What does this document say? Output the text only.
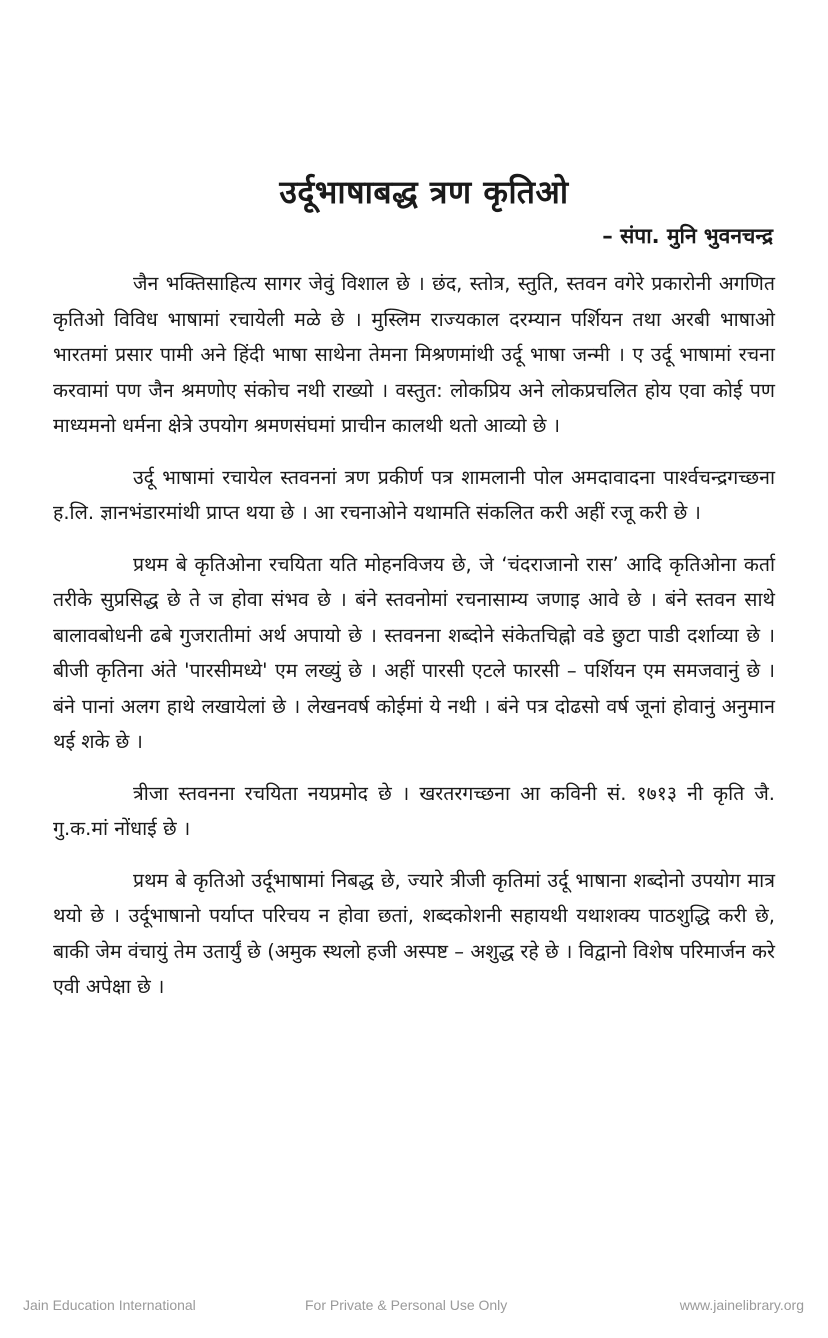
उर्दूभाषाबद्ध त्रण कृतिओ
– संपा. मुनि भुवनचन्द्र

जैन भक्तिसाहित्य सागर जेवुं विशाल छे । छंद, स्तोत्र, स्तुति, स्तवन वगेरे प्रकारोनी अगणित कृतिओ विविध भाषामां रचायेली मळे छे । मुस्लिम राज्यकाल दरम्यान पर्शियन तथा अरबी भाषाओ भारतमां प्रसार पामी अने हिंदी भाषा साथेना तेमना मिश्रणमांथी उर्दू भाषा जन्मी । ए उर्दू भाषामां रचना करवामां पण जैन श्रमणोए संकोच नथी राख्यो । वस्तुत: लोकप्रिय अने लोकप्रचलित होय एवा कोई पण माध्यमनो धर्मना क्षेत्रे उपयोग श्रमणसंघमां प्राचीन कालथी थतो आव्यो छे ।

उर्दू भाषामां रचायेल स्तवननां त्रण प्रकीर्ण पत्र शामलानी पोल अमदावादना पार्श्वचन्द्रगच्छना ह.लि. ज्ञानभंडारमांथी प्राप्त थया छे । आ रचनाओने यथामति संकलित करी अहीं रजू करी छे ।

प्रथम बे कृतिओना रचयिता यति मोहनविजय छे, जे ‘चंदराजानो रास’ आदि कृतिओना कर्ता तरीके सुप्रसिद्ध छे ते ज होवा संभव छे । बंने स्तवनोमां रचनासाम्य जणाइ आवे छे । बंने स्तवन साथे बालावबोधनी ढबे गुजरातीमां अर्थ अपायो छे । स्तवनना शब्दोने संकेतचिह्नो वडे छुटा पाडी दर्शाव्या छे । बीजी कृतिना अंते 'पारसीमध्ये' एम लख्युं छे । अहीं पारसी एटले फारसी – पर्शियन एम समजवानुं छे । बंने पानां अलग हाथे लखायेलां छे । लेखनवर्ष कोईमां ये नथी । बंने पत्र दोढसो वर्ष जूनां होवानुं अनुमान थई शके छे ।

त्रीजा स्तवनना रचयिता नयप्रमोद छे । खरतरगच्छना आ कविनी सं. १७१३ नी कृति जै. गु.क.मां नोंधाई छे ।

प्रथम बे कृतिओ उर्दूभाषामां निबद्ध छे, ज्यारे त्रीजी कृतिमां उर्दू भाषाना शब्दोनो उपयोग मात्र थयो छे । उर्दूभाषानो पर्याप्त परिचय न होवा छतां, शब्दकोशनी सहायथी यथाशक्य पाठशुद्धि करी छे, बाकी जेम वंचायुं तेम उतार्युं छे (अमुक स्थलो हजी अस्पष्ट – अशुद्ध रहे छे । विद्वानो विशेष परिमार्जन करे एवी अपेक्षा छे ।

Jain Education International	For Private & Personal Use Only	www.jainelibrary.org
